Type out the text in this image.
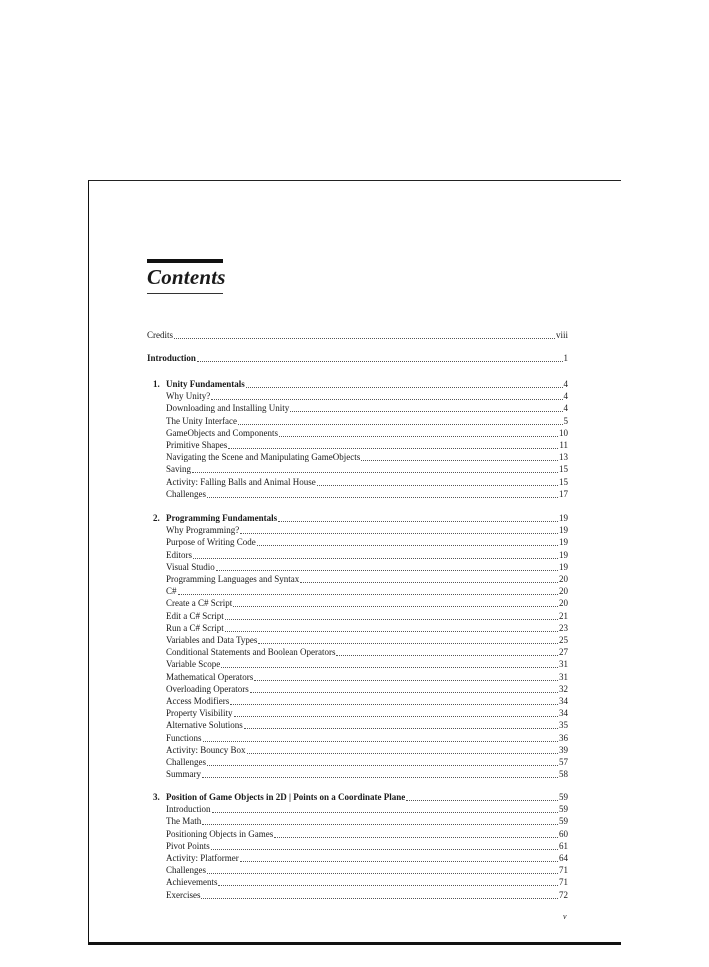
Contents
Credits	viii
Introduction	1
1. Unity Fundamentals	4
Why Unity?	4
Downloading and Installing Unity	4
The Unity Interface	5
GameObjects and Components	10
Primitive Shapes	11
Navigating the Scene and Manipulating GameObjects	13
Saving	15
Activity: Falling Balls and Animal House	15
Challenges	17
2. Programming Fundamentals	19
Why Programming?	19
Purpose of Writing Code	19
Editors	19
Visual Studio	19
Programming Languages and Syntax	20
C#	20
Create a C# Script	20
Edit a C# Script	21
Run a C# Script	23
Variables and Data Types	25
Conditional Statements and Boolean Operators	27
Variable Scope	31
Mathematical Operators	31
Overloading Operators	32
Access Modifiers	34
Property Visibility	34
Alternative Solutions	35
Functions	36
Activity: Bouncy Box	39
Challenges	57
Summary	58
3. Position of Game Objects in 2D | Points on a Coordinate Plane	59
Introduction	59
The Math	59
Positioning Objects in Games	60
Pivot Points	61
Activity: Platformer	64
Challenges	71
Achievements	71
Exercises	72
v
